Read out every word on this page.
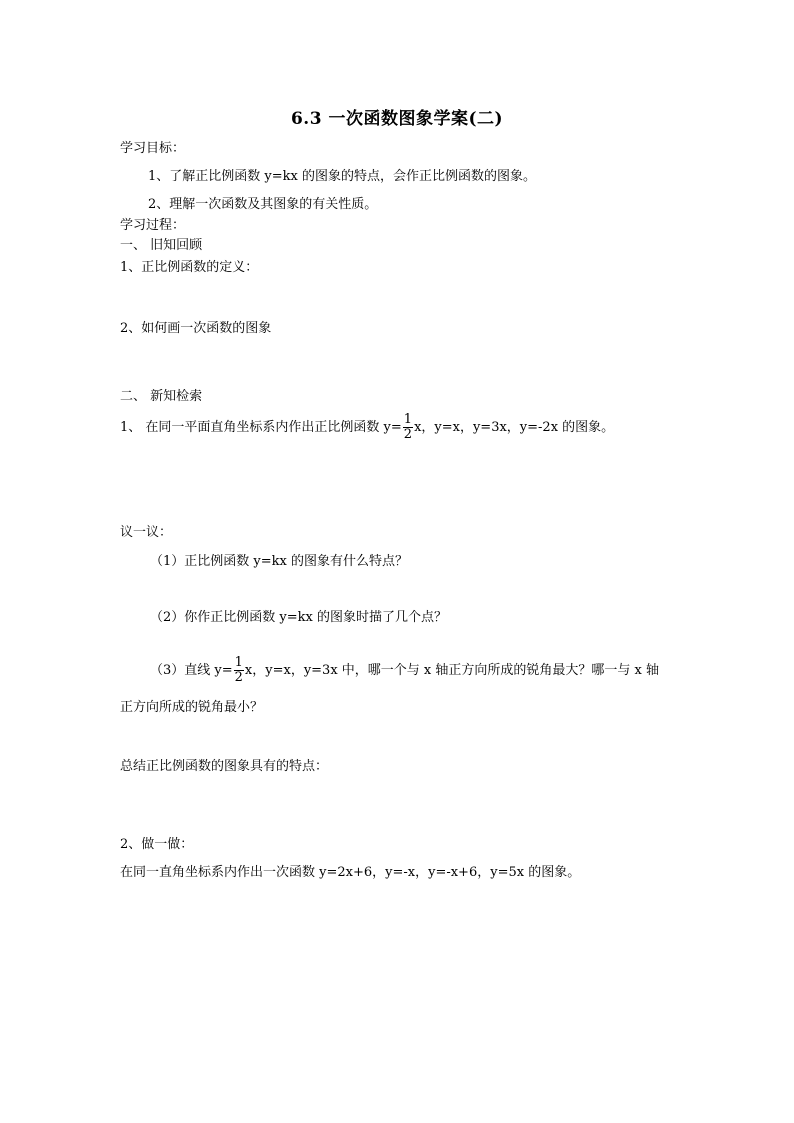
6.3 一次函数图象学案(二)
学习目标：
1、了解正比例函数 y=kx 的图象的特点，会作正比例函数的图象。
2、理解一次函数及其图象的有关性质。
学习过程：
一、 旧知回顾
1、正比例函数的定义：
2、如何画一次函数的图象
二、 新知检索
1、 在同一平面直角坐标系内作出正比例函数 $y= \frac{1}{2}$ x，y=x，y=3x，y=-2x 的图象。
议一议：
（1）正比例函数 y=kx 的图象有什么特点？
（2）你作正比例函数 y=kx 的图象时描了几个点？
（3）直线 $y= \frac{1}{2}$ x，y=x，y=3x 中，哪一个与 x 轴正方向所成的锐角最大？哪一与 x 轴
正方向所成的锐角最小？
总结正比例函数的图象具有的特点：
2、做一做：
在同一直角坐标系内作出一次函数 y=2x+6，y=-x，y=-x+6，y=5x 的图象。
